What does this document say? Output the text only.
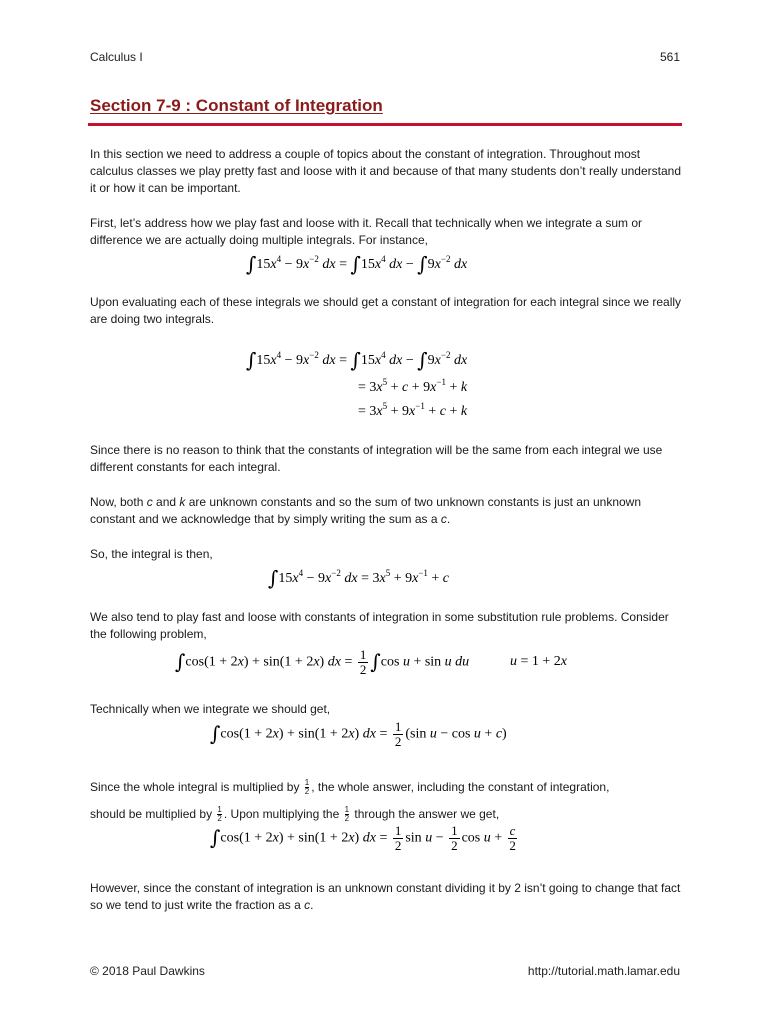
Calculus I	561
Section 7-9 : Constant of Integration
In this section we need to address a couple of topics about the constant of integration. Throughout most calculus classes we play pretty fast and loose with it and because of that many students don’t really understand it or how it can be important.
First, let’s address how we play fast and loose with it. Recall that technically when we integrate a sum or difference we are actually doing multiple integrals. For instance,
$\int 15x^4 - 9x^{-2}$ dx = $\int 15x^4$ dx − $\int 9x^{-2}$ dx
Upon evaluating each of these integrals we should get a constant of integration for each integral since we really are doing two integrals.
$\int 15x^4 - 9x^{-2}$ dx = $\int 15x^4$ dx − $\int 9x^{-2}$ dx
= $3x^5 + c + 9x^{-1} + k$
= $3x^5 + 9x^{-1} + c + k$
Since there is no reason to think that the constants of integration will be the same from each integral we use different constants for each integral.
Now, both c and k are unknown constants and so the sum of two unknown constants is just an unknown constant and we acknowledge that by simply writing the sum as a c.
So, the integral is then,
$\int 15x^4 - 9x^{-2}$ dx = $3x^5 + 9x^{-1} + c$
We also tend to play fast and loose with constants of integration in some substitution rule problems. Consider the following problem,
∫cos(1 + 2x) + sin(1 + 2x) dx = $\frac{1}{2} \int\cos$ u + sin u du	u = 1 + 2x
Technically when we integrate we should get,
∫cos(1 + 2x) + sin(1 + 2x) dx = $\frac{1}{2} (\sin$ u − cos u + c)
Since the whole integral is multiplied by $\frac{1}{2}$ , the whole answer, including the constant of integration,
should be multiplied by $\frac{1}{2}$ . Upon multiplying the $\frac{1}{2}$ through the answer we get,
∫cos(1 + 2x) + sin(1 + 2x) dx = $\frac{1}{2}$ $\sin u - \frac{1}{2}$ $\cos u + \frac{c}{2}$
However, since the constant of integration is an unknown constant dividing it by 2 isn’t going to change that fact so we tend to just write the fraction as a c.
© 2018 Paul Dawkins	http://tutorial.math.lamar.edu
